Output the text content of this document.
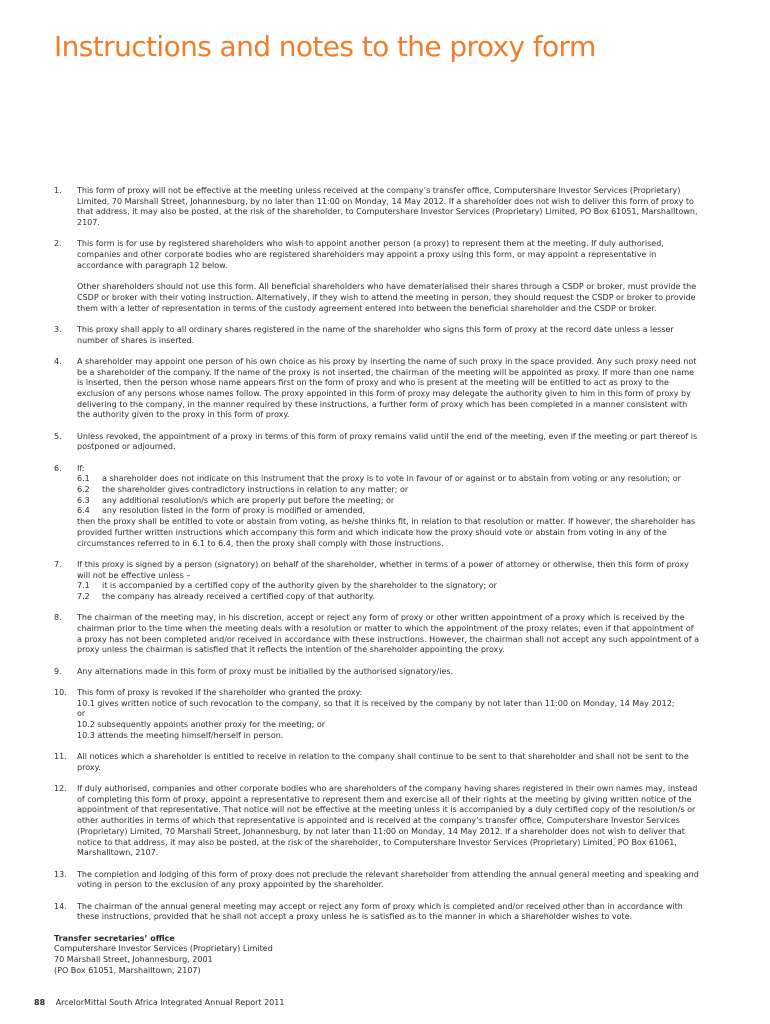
Instructions and notes to the proxy form
1.	This form of proxy will not be effective at the meeting unless received at the company’s transfer office, Computershare Investor Services (Proprietary) Limited, 70 Marshall Street, Johannesburg, by no later than 11:00 on Monday, 14 May 2012. If a shareholder does not wish to deliver this form of proxy to that address, it may also be posted, at the risk of the shareholder, to Computershare Investor Services (Proprietary) Limited, PO Box 61051, Marshalltown, 2107.

2.	This form is for use by registered shareholders who wish to appoint another person (a proxy) to represent them at the meeting. If duly authorised, companies and other corporate bodies who are registered shareholders may appoint a proxy using this form, or may appoint a representative in accordance with paragraph 12 below.

Other shareholders should not use this form. All beneficial shareholders who have dematerialised their shares through a CSDP or broker, must provide the CSDP or broker with their voting instruction. Alternatively, if they wish to attend the meeting in person, they should request the CSDP or broker to provide them with a letter of representation in terms of the custody agreement entered into between the beneficial shareholder and the CSDP or broker.

3.	This proxy shall apply to all ordinary shares registered in the name of the shareholder who signs this form of proxy at the record date unless a lesser number of shares is inserted.

4.	A shareholder may appoint one person of his own choice as his proxy by inserting the name of such proxy in the space provided. Any such proxy need not be a shareholder of the company. If the name of the proxy is not inserted, the chairman of the meeting will be appointed as proxy. If more than one name is inserted, then the person whose name appears first on the form of proxy and who is present at the meeting will be entitled to act as proxy to the exclusion of any persons whose names follow. The proxy appointed in this form of proxy may delegate the authority given to him in this form of proxy by delivering to the company, in the manner required by these instructions, a further form of proxy which has been completed in a manner consistent with the authority given to the proxy in this form of proxy.

5.	Unless revoked, the appointment of a proxy in terms of this form of proxy remains valid until the end of the meeting, even if the meeting or part thereof is postponed or adjourned.

6.	If:
6.1	a shareholder does not indicate on this instrument that the proxy is to vote in favour of or against or to abstain from voting or any resolution; or
6.2	the shareholder gives contradictory instructions in relation to any matter; or
6.3	any additional resolution/s which are properly put before the meeting; or
6.4	any resolution listed in the form of proxy is modified or amended,

then the proxy shall be entitled to vote or abstain from voting, as he/she thinks fit, in relation to that resolution or matter. If however, the shareholder has provided further written instructions which accompany this form and which indicate how the proxy should vote or abstain from voting in any of the circumstances referred to in 6.1 to 6.4, then the proxy shall comply with those instructions.

7.	If this proxy is signed by a person (signatory) on behalf of the shareholder, whether in terms of a power of attorney or otherwise, then this form of proxy will not be effective unless –
7.1	it is accompanied by a certified copy of the authority given by the shareholder to the signatory; or
7.2	the company has already received a certified copy of that authority.
8.	The chairman of the meeting may, in his discretion, accept or reject any form of proxy or other written appointment of a proxy which is received by the chairman prior to the time when the meeting deals with a resolution or matter to which the appointment of the proxy relates, even if that appointment of a proxy has not been completed and/or received in accordance with these instructions. However, the chairman shall not accept any such appointment of a proxy unless the chairman is satisfied that it reflects the intention of the shareholder appointing the proxy.

9.	Any alternations made in this form of proxy must be initialled by the authorised signatory/ies.

10.	This form of proxy is revoked if the shareholder who granted the proxy:
10.1 gives written notice of such revocation to the company, so that it is received by the company by not later than 11:00 on Monday, 14 May 2012;
or
10.2 subsequently appoints another proxy for the meeting; or
10.3 attends the meeting himself/herself in person.
11.	All notices which a shareholder is entitled to receive in relation to the company shall continue to be sent to that shareholder and shall not be sent to the proxy.

12.	If duly authorised, companies and other corporate bodies who are shareholders of the company having shares registered in their own names may, instead of completing this form of proxy, appoint a representative to represent them and exercise all of their rights at the meeting by giving written notice of the appointment of that representative. That notice will not be effective at the meeting unless it is accompanied by a duly certified copy of the resolution/s or other authorities in terms of which that representative is appointed and is received at the company’s transfer office, Computershare Investor Services (Proprietary) Limited, 70 Marshall Street, Johannesburg, by not later than 11:00 on Monday, 14 May 2012. If a shareholder does not wish to deliver that notice to that address, it may also be posted, at the risk of the shareholder, to Computershare Investor Services (Proprietary) Limited, PO Box 61061, Marshalltown, 2107.

13.	The completion and lodging of this form of proxy does not preclude the relevant shareholder from attending the annual general meeting and speaking and voting in person to the exclusion of any proxy appointed by the shareholder.

14.	The chairman of the annual general meeting may accept or reject any form of proxy which is completed and/or received other than in accordance with these instructions, provided that he shall not accept a proxy unless he is satisfied as to the manner in which a shareholder wishes to vote.

Transfer secretaries’ office
Computershare Investor Services (Proprietary) Limited
70 Marshall Street, Johannesburg, 2001
(PO Box 61051, Marshalltown, 2107)
88 ArcelorMittal South Africa Integrated Annual Report 2011
